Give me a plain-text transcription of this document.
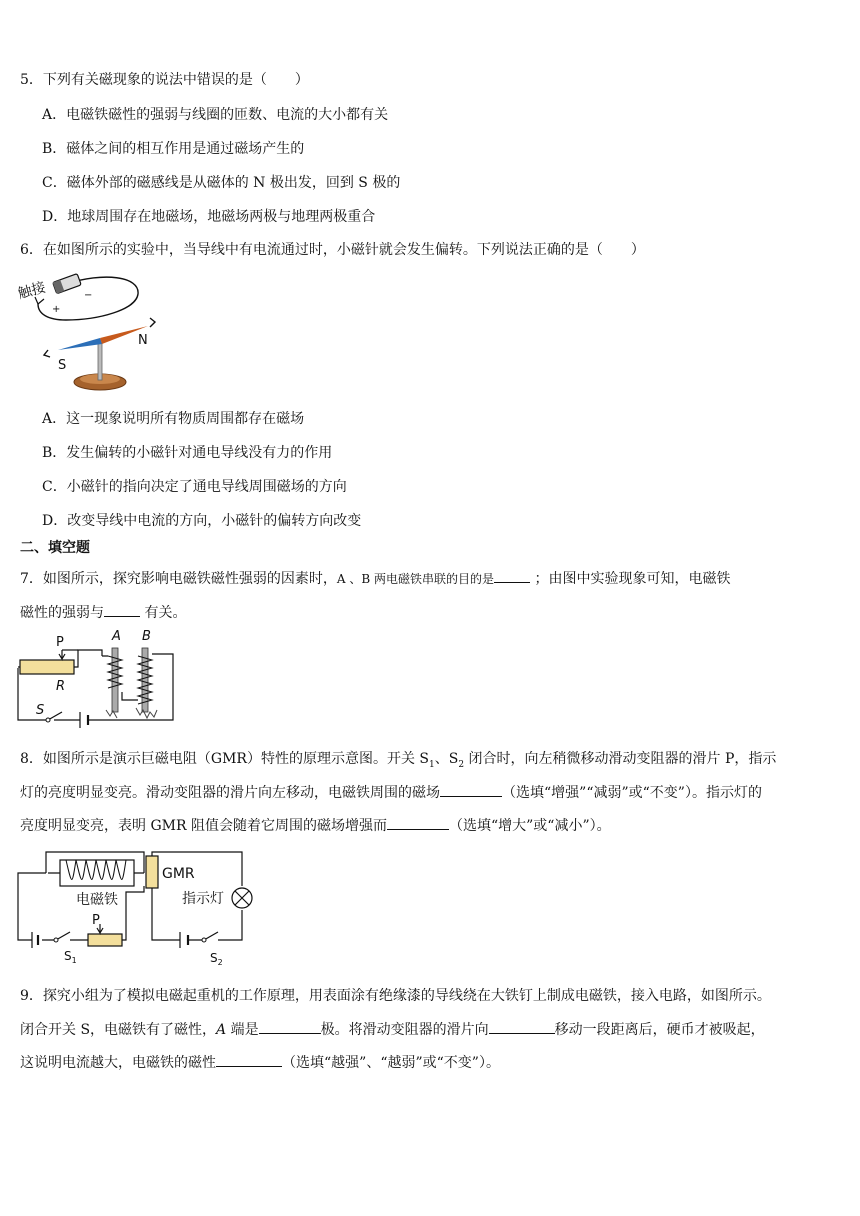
5．下列有关磁现象的说法中错误的是（　　）
A．电磁铁磁性的强弱与线圈的匝数、电流的大小都有关
B．磁体之间的相互作用是通过磁场产生的
C．磁体外部的磁感线是从磁体的 N 极出发，回到 S 极的
D．地球周围存在地磁场，地磁场两极与地理两极重合
6．在如图所示的实验中，当导线中有电流通过时，小磁针就会发生偏转。下列说法正确的是（　　）
触接
+
−
S
N
A．这一现象说明所有物质周围都存在磁场
B．发生偏转的小磁针对通电导线没有力的作用
C．小磁针的指向决定了通电导线周围磁场的方向
D．改变导线中电流的方向，小磁针的偏转方向改变
二、填空题
7．如图所示，探究影响电磁铁磁性强弱的因素时，A 、B 两电磁铁串联的目的是	；由图中实验现象可知，电磁铁
磁性的强弱与	有关。
S
P
R
A B
8．如图所示是演示巨磁电阻（GMR）特性的原理示意图。开关 $S_1$、$S_2$ 闭合时，向左稍微移动滑动变阻器的滑片 P，指示
灯的亮度明显变亮。滑动变阻器的滑片向左移动，电磁铁周围的磁场	（选填“增强”“减弱”或“不变”）。指示灯的
亮度明显变亮，表明 GMR 阻值会随着它周围的磁场增强而	（选填“增大”或“减小”）。
$S_1$
P
电磁铁
GMR
指示灯
$S_2$
9．探究小组为了模拟电磁起重机的工作原理，用表面涂有绝缘漆的导线绕在大铁钉上制成电磁铁，接入电路，如图所示。
闭合开关 S，电磁铁有了磁性，A 端是	极。将滑动变阻器的滑片向	移动一段距离后，硬币才被吸起，
这说明电流越大，电磁铁的磁性	（选填“越强”、“越弱”或“不变”）。
